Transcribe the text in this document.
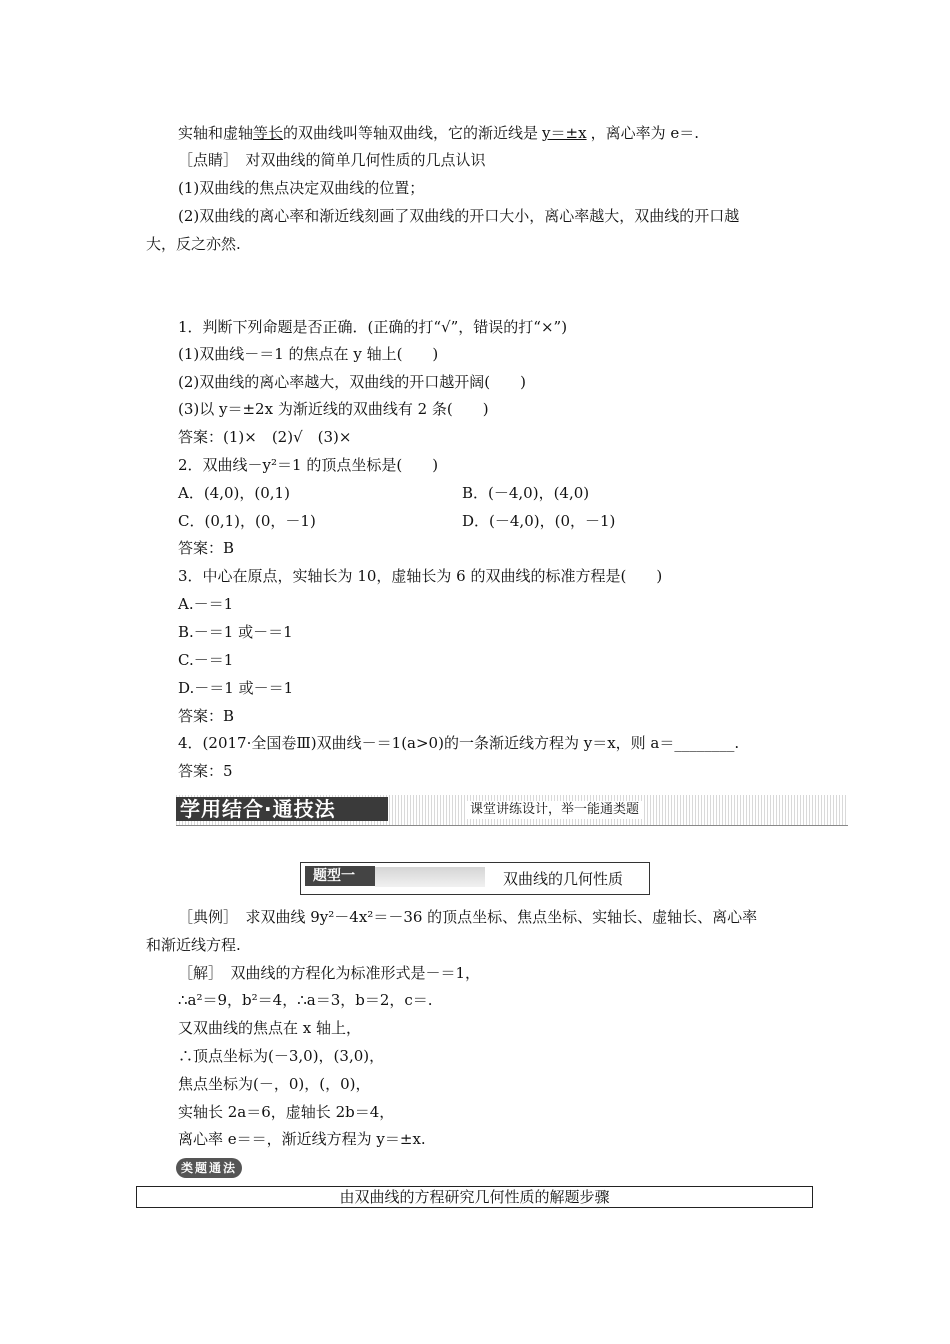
实轴和虚轴等长的双曲线叫等轴双曲线，它的渐近线是 y＝±x ，离心率为 e＝.
［点睛］　对双曲线的简单几何性质的几点认识
(1)双曲线的焦点决定双曲线的位置；
(2)双曲线的离心率和渐近线刻画了双曲线的开口大小，离心率越大，双曲线的开口越
大，反之亦然.
1．判断下列命题是否正确．(正确的打“√”，错误的打“×”)
(1)双曲线－＝1 的焦点在 y 轴上(　　)
(2)双曲线的离心率越大，双曲线的开口越开阔(　　)
(3)以 y＝±2x 为渐近线的双曲线有 2 条(　　)
答案：(1)×　(2)√　(3)×
2．双曲线－y²＝1 的顶点坐标是(　　)
A．(4,0)，(0,1)	B．(－4,0)，(4,0)
C．(0,1)，(0，－1)	D．(－4,0)，(0，－1)
答案：B
3．中心在原点，实轴长为 10，虚轴长为 6 的双曲线的标准方程是(　　)
A.－＝1
B.－＝1 或－＝1
C.－＝1
D.－＝1 或－＝1
答案：B
4．(2017·全国卷Ⅲ)双曲线－＝1(a>0)的一条渐近线方程为 y＝x，则 a＝________.
答案：5
学用结合·通技法	课堂讲练设计，举一能通类题
题型一	双曲线的几何性质
［典例］　求双曲线 9y²－4x²＝－36 的顶点坐标、焦点坐标、实轴长、虚轴长、离心率
和渐近线方程.
［解］　双曲线的方程化为标准形式是－＝1，
∴a²＝9，b²＝4，∴a＝3，b＝2，c＝.
又双曲线的焦点在 x 轴上，
∴顶点坐标为(－3,0)，(3,0)，
焦点坐标为(－，0)，(，0)，
实轴长 2a＝6，虚轴长 2b＝4，
离心率 e＝＝，渐近线方程为 y＝±x.
类题通法
由双曲线的方程研究几何性质的解题步骤
